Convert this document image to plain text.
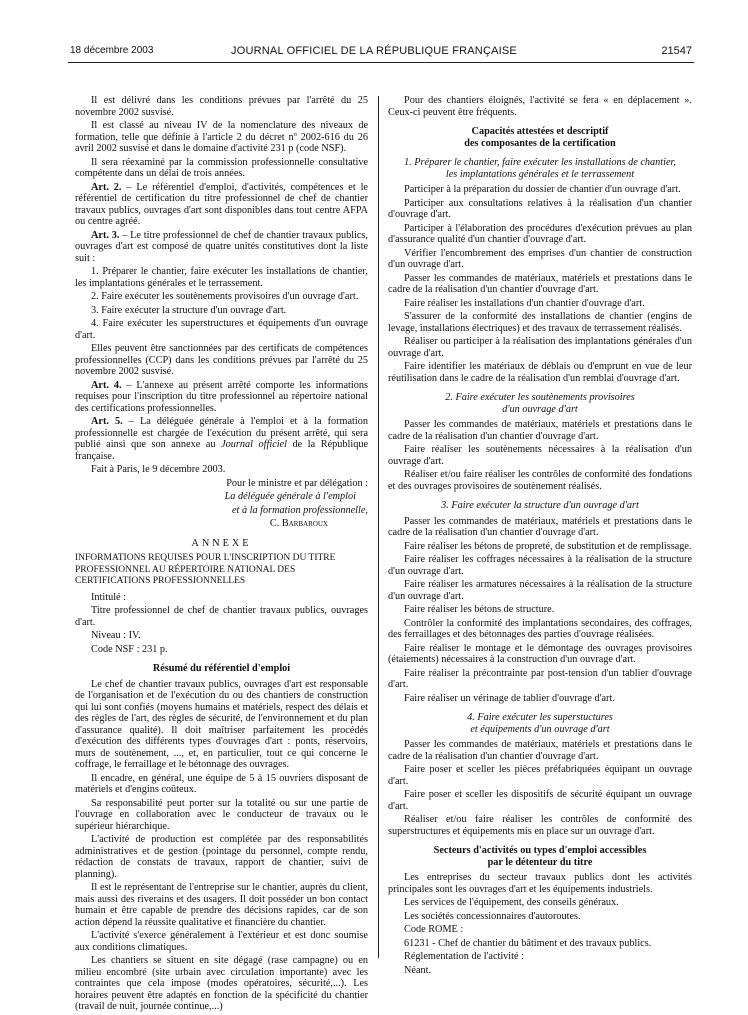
18 décembre 2003	JOURNAL OFFICIEL DE LA RÉPUBLIQUE FRANÇAISE	21547

Il est délivré dans les conditions prévues par l'arrêté du 25 novembre 2002 susvisé.

Il est classé au niveau IV de la nomenclature des niveaux de formation, telle que définie à l'article 2 du décret nº 2002-616 du 26 avril 2002 susvisé et dans le domaine d'activité 231 p (code NSF).

Il sera réexaminé par la commission professionnelle consultative compétente dans un délai de trois années.

Art. 2. – Le référentiel d'emploi, d'activités, compétences et le référentiel de certification du titre professionnel de chef de chantier travaux publics, ouvrages d'art sont disponibles dans tout centre AFPA ou centre agréé.

Art. 3. – Le titre professionnel de chef de chantier travaux publics, ouvrages d'art est composé de quatre unités constitutives dont la liste suit :

1. Préparer le chantier, faire exécuter les installations de chantier, les implantations générales et le terrassement.

2. Faire exécuter les soutènements provisoires d'un ouvrage d'art.

3. Faire exécuter la structure d'un ouvrage d'art.

4. Faire exécuter les superstructures et équipements d'un ouvrage d'art.

Elles peuvent être sanctionnées par des certificats de compétences professionnelles (CCP) dans les conditions prévues par l'arrêté du 25 novembre 2002 susvisé.

Art. 4. – L'annexe au présent arrêté comporte les informations requises pour l'inscription du titre professionnel au répertoire national des certifications professionnelles.

Art. 5. – La déléguée générale à l'emploi et à la formation professionnelle est chargée de l'exécution du présent arrêté, qui sera publié ainsi que son annexe au Journal officiel de la République française.

Fait à Paris, le 9 décembre 2003.

Pour le ministre et par délégation :

La déléguée générale à l'emploi

et à la formation professionnelle,

C. Barbaroux

ANNEXE

INFORMATIONS REQUISES POUR L'INSCRIPTION DU TITRE PROFESSIONNEL AU RÉPERTOIRE NATIONAL DES CERTIFICATIONS PROFESSIONNELLES

Intitulé :

Titre professionnel de chef de chantier travaux publics, ouvrages d'art.

Niveau : IV.

Code NSF : 231 p.

Résumé du référentiel d'emploi

Le chef de chantier travaux publics, ouvrages d'art est responsable de l'organisation et de l'exécution du ou des chantiers de construction qui lui sont confiés (moyens humains et matériels, respect des délais et des règles de l'art, des règles de sécurité, de l'environnement et du plan d'assurance qualité). Il doit maîtriser parfaitement les procédés d'exécution des différents types d'ouvrages d'art : ponts, réservoirs, murs de soutènement, ..., et, en particulier, tout ce qui concerne le coffrage, le ferraillage et le bétonnage des ouvrages.

Il encadre, en général, une équipe de 5 à 15 ouvriers disposant de matériels et d'engins coûteux.

Sa responsabilité peut porter sur la totalité ou sur une partie de l'ouvrage en collaboration avec le conducteur de travaux ou le supérieur hiérarchique.

L'activité de production est complétée par des responsabilités administratives et de gestion (pointage du personnel, compte rendu, rédaction de constats de travaux, rapport de chantier, suivi de planning).

Il est le représentant de l'entreprise sur le chantier, auprès du client, mais aussi des riverains et des usagers. Il doit posséder un bon contact humain et être capable de prendre des décisions rapides, car de son action dépend la réussite qualitative et financière du chantier.

L'activité s'exerce généralement à l'extérieur et est donc soumise aux conditions climatiques.

Les chantiers se situent en site dégagé (rase campagne) ou en milieu encombré (site urbain avec circulation importante) avec les contraintes que cela impose (modes opératoires, sécurité,...). Les horaires peuvent être adaptés en fonction de la spécificité du chantier (travail de nuit, journée continue,...)

Pour des chantiers éloignés, l'activité se fera « en déplacement ». Ceux-ci peuvent être fréquents.

Capacités attestées et descriptif
des composantes de la certification
1. Préparer le chantier, faire exécuter les installations de chantier,
les implantations générales et le terrassement

Participer à la préparation du dossier de chantier d'un ouvrage d'art.

Participer aux consultations relatives à la réalisation d'un chantier d'ouvrage d'art.

Participer à l'élaboration des procédures d'exécution prévues au plan d'assurance qualité d'un chantier d'ouvrage d'art.

Vérifier l'encombrement des emprises d'un chantier de construction d'un ouvrage d'art.

Passer les commandes de matériaux, matériels et prestations dans le cadre de la réalisation d'un chantier d'ouvrage d'art.

Faire réaliser les installations d'un chantier d'ouvrage d'art.

S'assurer de la conformité des installations de chantier (engins de levage, installations électriques) et des travaux de terrassement réalisés.

Réaliser ou participer à la réalisation des implantations générales d'un ouvrage d'art.

Faire identifier les matériaux de déblais ou d'emprunt en vue de leur réutilisation dans le cadre de la réalisation d'un remblai d'ouvrage d'art.

2. Faire exécuter les soutènements provisoires
d'un ouvrage d'art

Passer les commandes de matériaux, matériels et prestations dans le cadre de la réalisation d'un chantier d'ouvrage d'art.

Faire réaliser les soutènements nécessaires à la réalisation d'un ouvrage d'art.

Réaliser et/ou faire réaliser les contrôles de conformité des fondations et des ouvrages provisoires de soutènement réalisés.

3. Faire exécuter la structure d'un ouvrage d'art

Passer les commandes de matériaux, matériels et prestations dans le cadre de la réalisation d'un chantier d'ouvrage d'art.

Faire réaliser les bétons de propreté, de substitution et de remplissage.

Faire réaliser les coffrages nécessaires à la réalisation de la structure d'un ouvrage d'art.

Faire réaliser les armatures nécessaires à la réalisation de la structure d'un ouvrage d'art.

Faire réaliser les bétons de structure.

Contrôler la conformité des implantations secondaires, des coffrages, des ferraillages et des bétonnages des parties d'ouvrage réalisées.

Faire réaliser le montage et le démontage des ouvrages provisoires (étaiements) nécessaires à la construction d'un ouvrage d'art.

Faire réaliser la précontrainte par post-tension d'un tablier d'ouvrage d'art.

Faire réaliser un vérinage de tablier d'ouvrage d'art.

4. Faire exécuter les superstuctures
et équipements d'un ouvrage d'art

Passer les commandes de matériaux, matériels et prestations dans le cadre de la réalisation d'un chantier d'ouvrage d'art.

Faire poser et sceller les pièces préfabriquées équipant un ouvrage d'art.

Faire poser et sceller les dispositifs de sécurité équipant un ouvrage d'art.

Réaliser et/ou faire réaliser les contrôles de conformité des superstructures et équipements mis en place sur un ouvrage d'art.

Secteurs d'activités ou types d'emploi accessibles
par le détenteur du titre

Les entreprises du secteur travaux publics dont les activités principales sont les ouvrages d'art et les équipements industriels.

Les services de l'équipement, des conseils généraux.

Les sociétés concessionnaires d'autoroutes.

Code ROME :

61231 - Chef de chantier du bâtiment et des travaux publics.

Réglementation de l'activité :

Néant.
